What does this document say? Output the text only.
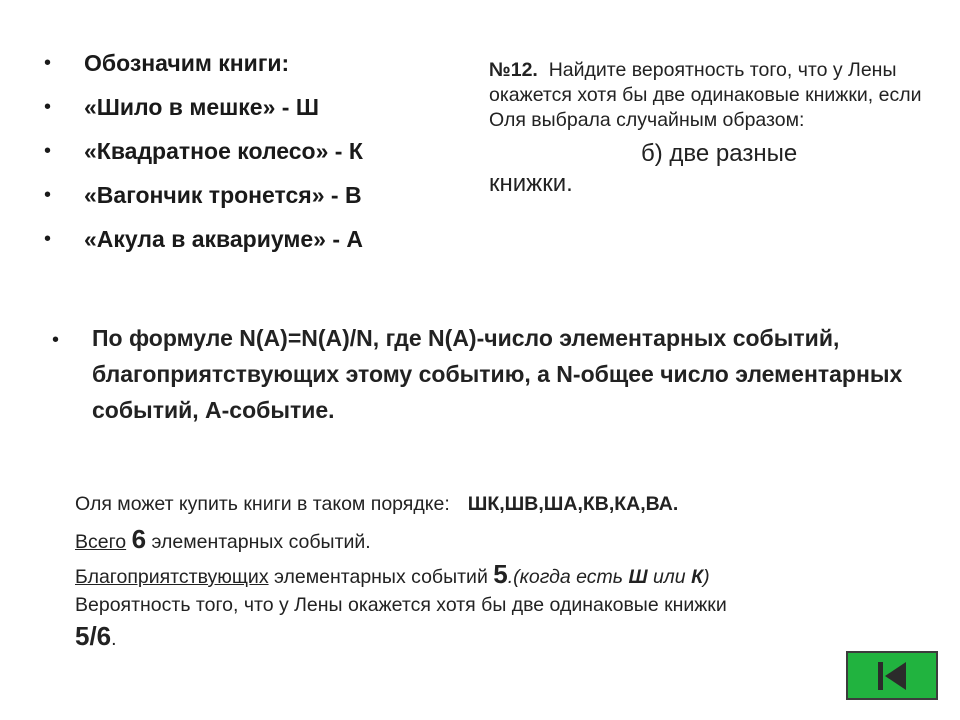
• Обозначим книги:
• «Шило в мешке» - Ш
• «Квадратное колесо» - К
• «Вагончик тронется» - В
• «Акула в аквариуме» - А
№12. Найдите вероятность того, что у Лены окажется хотя бы две одинаковые книжки, если Оля выбрала случайным образом:
б) две разные
книжки.
•	По формуле N(A)=N(A)/N, где N(A)-число элементарных событий, благоприятствующих этому событию, а N-общее число элементарных событий, А-событие.
Оля может купить книги в таком порядке: ШК,ШВ,ША,КВ,КА,ВА.
Всего 6 элементарных событий.
Благоприятствующих элементарных событий 5.(когда есть Ш или К)
Вероятность того, что у Лены окажется хотя бы две одинаковые книжки
5/6.
